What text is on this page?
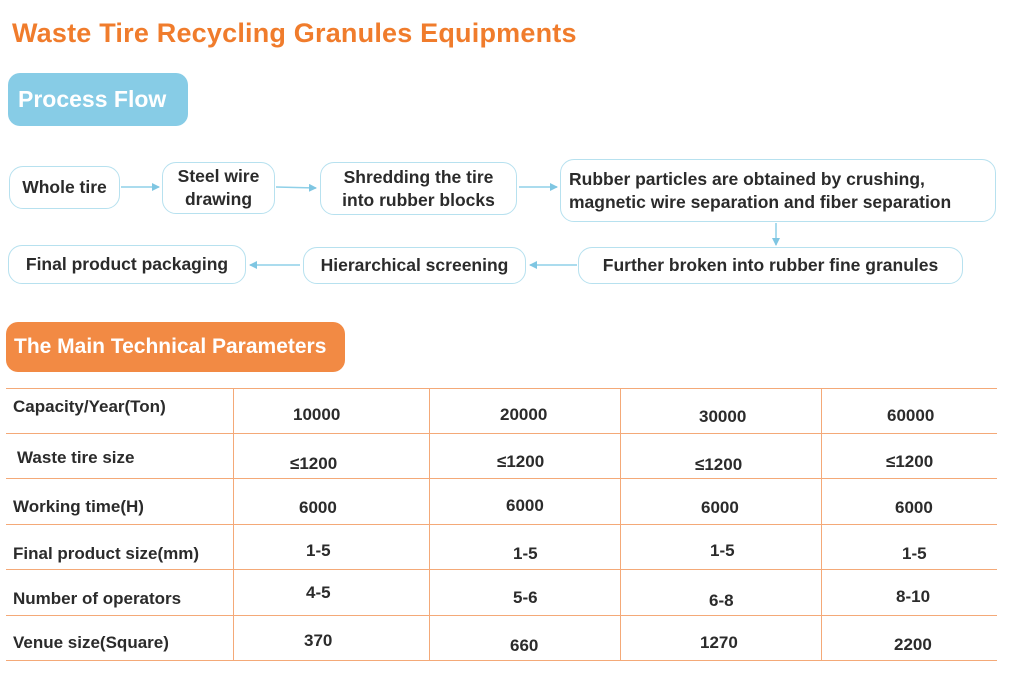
Waste Tire Recycling Granules Equipments
Process Flow
Whole tire
Steel wire
drawing
Shredding the tire
into rubber blocks
Rubber particles are obtained by crushing,
magnetic wire separation and fiber separation
Further broken into rubber fine granules
Hierarchical screening
Final product packaging
The Main Technical Parameters
Capacity/Year(Ton)	10000	20000	30000	60000
Waste tire size	≤1200	≤1200	≤1200	≤1200
Working time(H)	6000	6000	6000	6000
Final product size(mm)	1-5	1-5	1-5	1-5
Number of operators	4-5	5-6	6-8	8-10
Venue size(Square)	370	660	1270	2200
